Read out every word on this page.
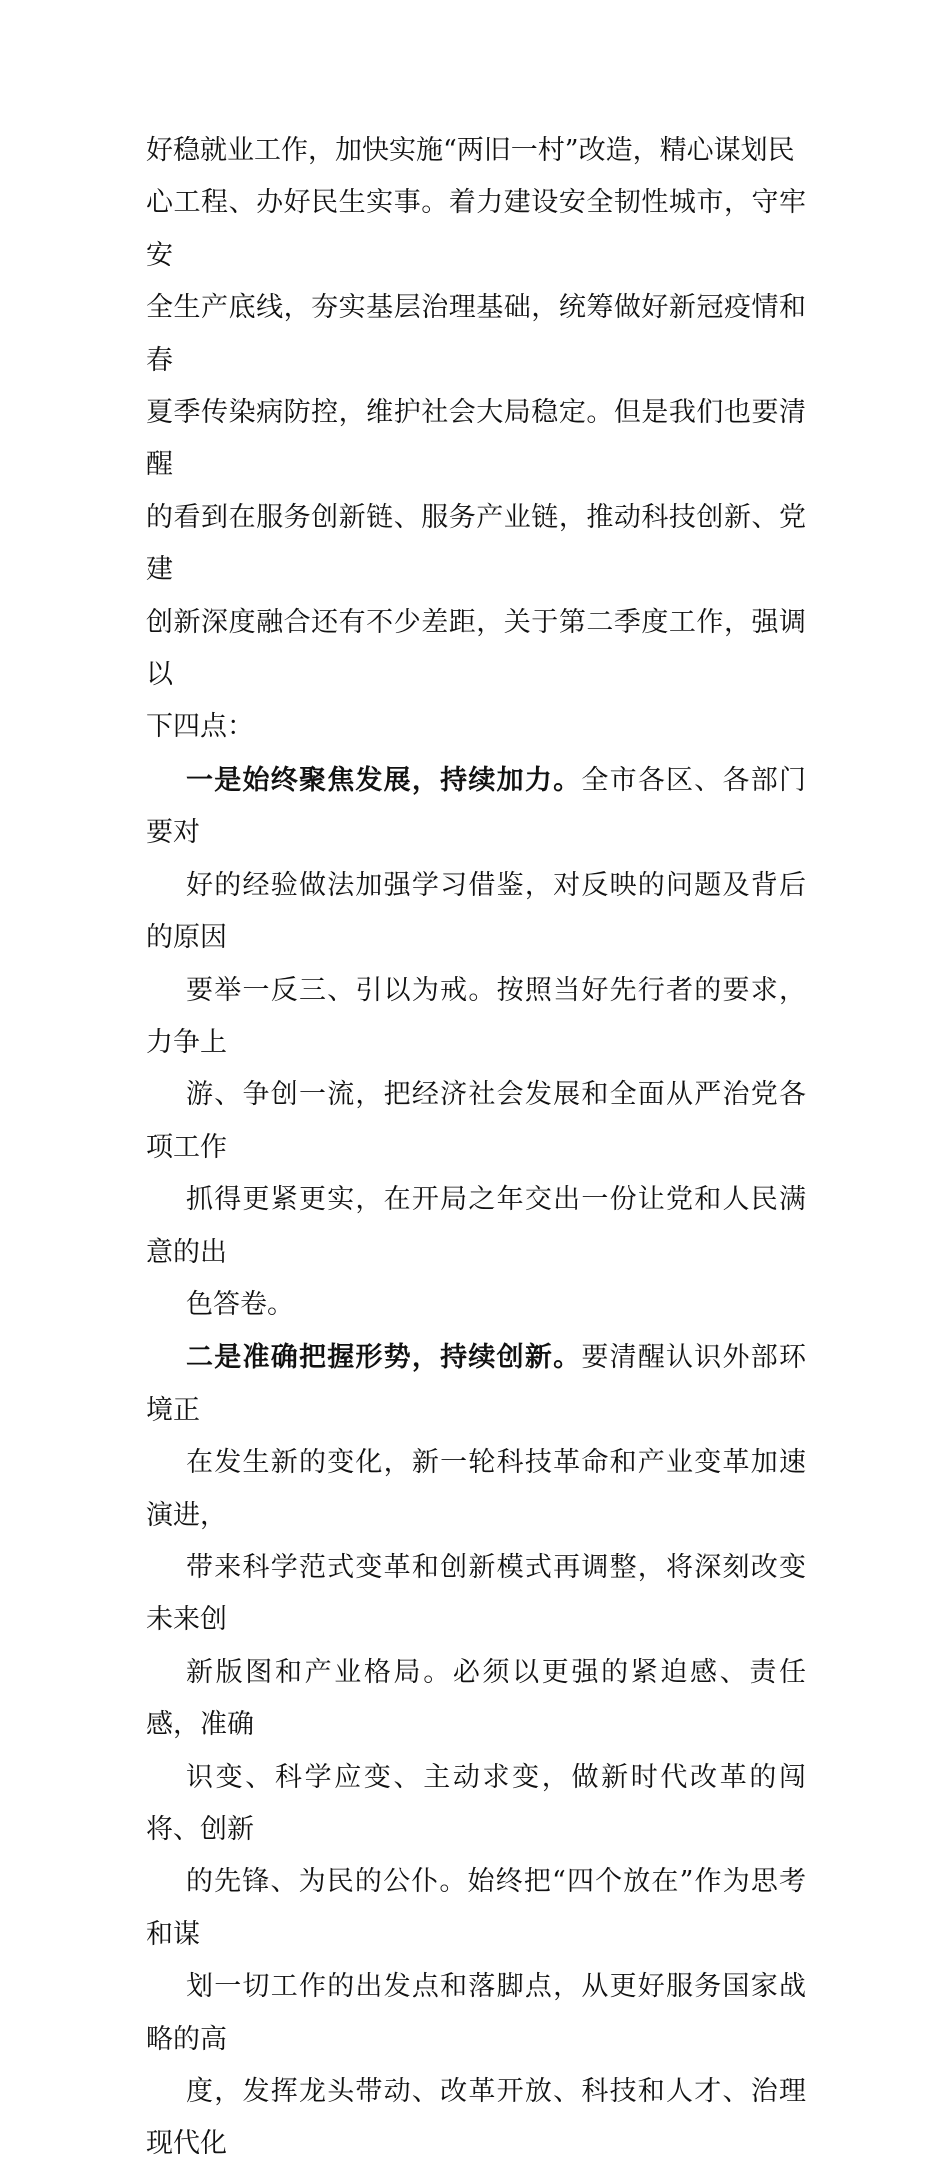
好稳就业工作，加快实施“两旧一村”改造，精心谋划民
心工程、办好民生实事。着力建设安全韧性城市，守牢安
全生产底线，夯实基层治理基础，统筹做好新冠疫情和春
夏季传染病防控，维护社会大局稳定。但是我们也要清醒
的看到在服务创新链、服务产业链，推动科技创新、党建
创新深度融合还有不少差距，关于第二季度工作，强调以
下四点：

一是始终聚焦发展，持续加力。全市各区、各部门要对
好的经验做法加强学习借鉴，对反映的问题及背后的原因
要举一反三、引以为戒。按照当好先行者的要求，力争上
游、争创一流，把经济社会发展和全面从严治党各项工作
抓得更紧更实，在开局之年交出一份让党和人民满意的出
色答卷。

二是准确把握形势，持续创新。要清醒认识外部环境正
在发生新的变化，新一轮科技革命和产业变革加速演进，
带来科学范式变革和创新模式再调整，将深刻改变未来创
新版图和产业格局。必须以更强的紧迫感、责任感，准确
识变、科学应变、主动求变，做新时代改革的闯将、创新
的先锋、为民的公仆。始终把“四个放在”作为思考和谋
划一切工作的出发点和落脚点，从更好服务国家战略的高
度，发挥龙头带动、改革开放、科技和人才、治理现代化
